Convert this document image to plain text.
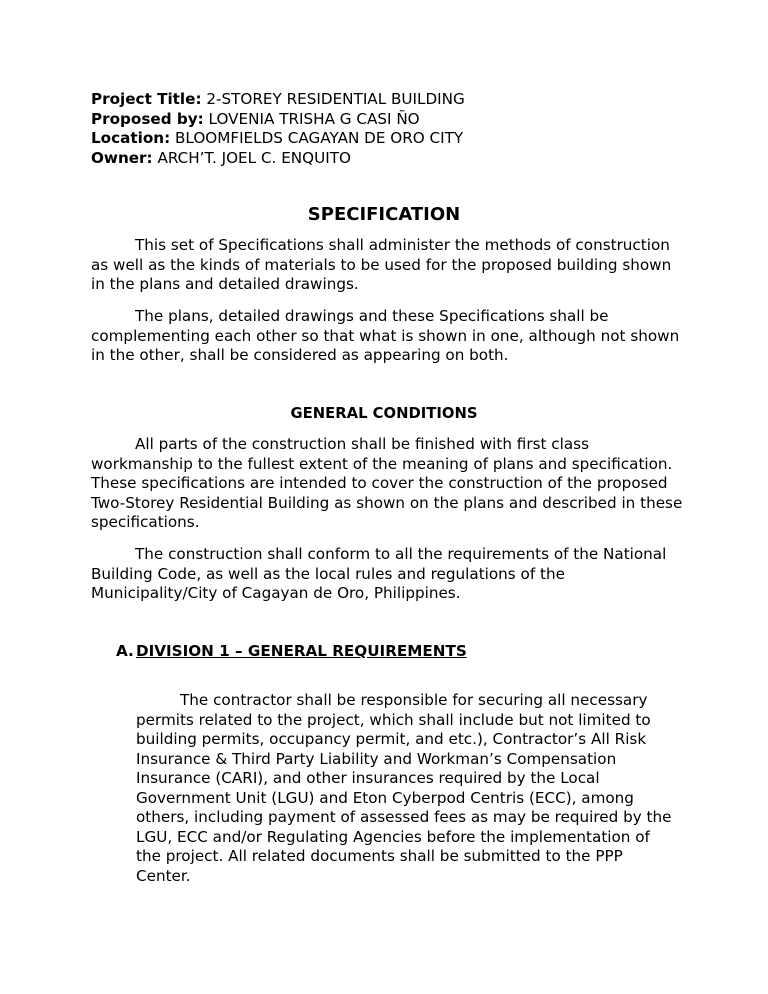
Project Title: 2-STOREY RESIDENTIAL BUILDING
Proposed by: LOVENIA TRISHA G CASI ÑO
Location: BLOOMFIELDS CAGAYAN DE ORO CITY
Owner: ARCH’T. JOEL C. ENQUITO
SPECIFICATION

This set of Specifications shall administer the methods of construction as well as the kinds of materials to be used for the proposed building shown in the plans and detailed drawings.

The plans, detailed drawings and these Specifications shall be complementing each other so that what is shown in one, although not shown in the other, shall be considered as appearing on both.

GENERAL CONDITIONS

All parts of the construction shall be finished with first class workmanship to the fullest extent of the meaning of plans and specification. These specifications are intended to cover the construction of the proposed Two-Storey Residential Building as shown on the plans and described in these specifications.

The construction shall conform to all the requirements of the National Building Code, as well as the local rules and regulations of the Municipality/City of Cagayan de Oro, Philippines.

A. DIVISION 1 – GENERAL REQUIREMENTS

The contractor shall be responsible for securing all necessary permits related to the project, which shall include but not limited to building permits, occupancy permit, and etc.), Contractor’s All Risk Insurance & Third Party Liability and Workman’s Compensation Insurance (CARI), and other insurances required by the Local Government Unit (LGU) and Eton Cyberpod Centris (ECC), among others, including payment of assessed fees as may be required by the LGU, ECC and/or Regulating Agencies before the implementation of the project. All related documents shall be submitted to the PPP Center.
